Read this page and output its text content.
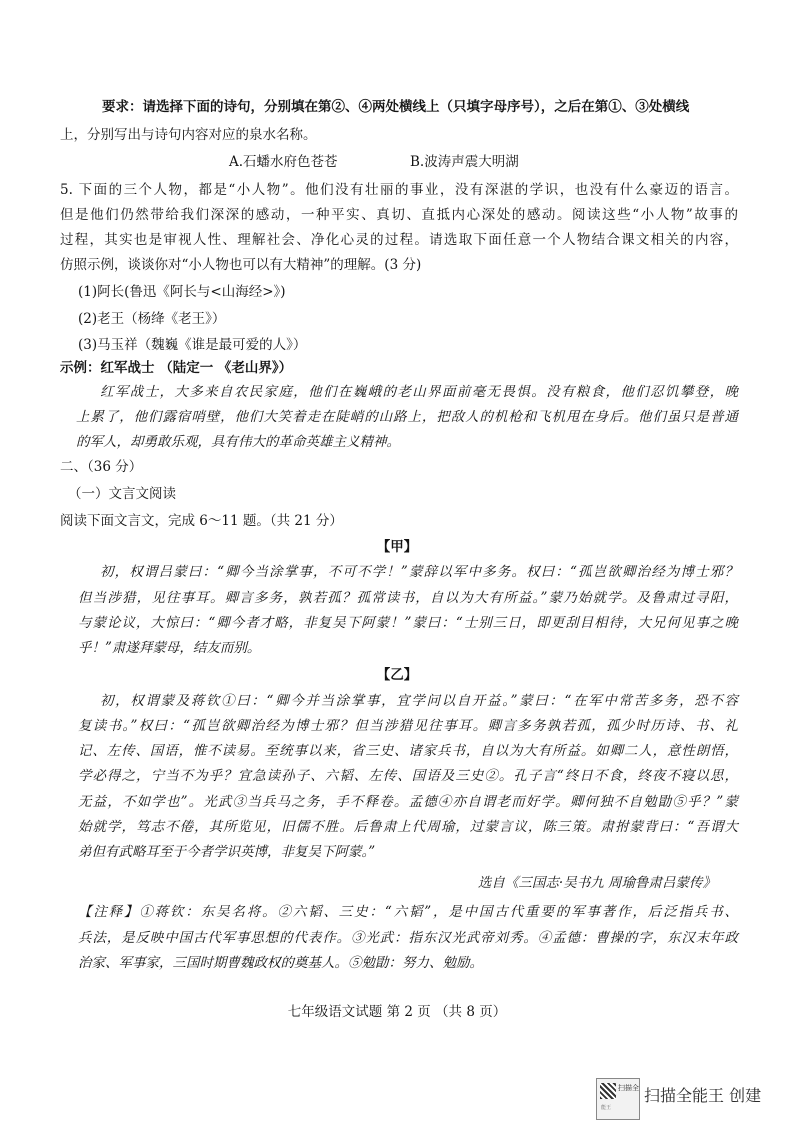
要求：请选择下面的诗句，分别填在第②、④两处横线上（只填字母序号），之后在第①、③处横线
上，分别写出与诗句内容对应的泉水名称。
A.石蟠水府色苍苍	B.波涛声震大明湖
5. 下面的三个人物，都是“小人物”。他们没有壮丽的事业，没有深湛的学识，也没有什么豪迈的语言。
但是他们仍然带给我们深深的感动，一种平实、真切、直抵内心深处的感动。阅读这些“小人物”故事的
过程，其实也是审视人性、理解社会、净化心灵的过程。请选取下面任意一个人物结合课文相关的内容，
仿照示例，谈谈你对“小人物也可以有大精神”的理解。(3 分)
(1)阿长(鲁迅《阿长与<山海经>》)
(2)老王（杨绛《老王》）
(3)马玉祥（魏巍《谁是最可爱的人》）
示例：红军战士 （陆定一 《老山界》）
红军战士，大多来自农民家庭，他们在巍峨的老山界面前毫无畏惧。没有粮食，他们忍饥攀登，晚
上累了，他们露宿哨壁，他们大笑着走在陡峭的山路上，把敌人的机枪和飞机甩在身后。他们虽只是普通
的军人，却勇敢乐观，具有伟大的革命英雄主义精神。
二、（36 分）
（一）文言文阅读
阅读下面文言文，完成 6～11 题。（共 21 分）
【甲】
初，权谓吕蒙曰：“卿今当涂掌事，不可不学！”蒙辞以军中多务。权曰：“孤岂欲卿治经为博士邪？
但当涉猎，见往事耳。卿言多务，孰若孤？孤常读书，自以为大有所益。”蒙乃始就学。及鲁肃过寻阳，
与蒙论议，大惊曰：“卿今者才略，非复吴下阿蒙！”蒙曰：“士别三日，即更刮目相待，大兄何见事之晚
乎！”肃遂拜蒙母，结友而别。
【乙】
初，权谓蒙及蒋钦①曰：“卿今并当涂掌事，宜学问以自开益。”蒙曰：“在军中常苦多务，恐不容
复读书。”权曰：“孤岂欲卿治经为博士邪？但当涉猎见往事耳。卿言多务孰若孤，孤少时历诗、书、礼
记、左传、国语，惟不读易。至统事以来，省三史、诸家兵书，自以为大有所益。如卿二人，意性朗悟，
学必得之，宁当不为乎？宜急读孙子、六韬、左传、国语及三史②。孔子言“终日不食，终夜不寝以思，
无益，不如学也”。光武③当兵马之务，手不释卷。孟德④亦自谓老而好学。卿何独不自勉勖⑤乎？”蒙
始就学，笃志不倦，其所览见，旧儒不胜。后鲁肃上代周瑜，过蒙言议，陈三策。肃拊蒙背曰：“吾谓大
弟但有武略耳至于今者学识英博，非复吴下阿蒙。”
选自《三国志·吴书九 周瑜鲁肃吕蒙传》
【注释】①蒋钦：东吴名将。②六韬、三史：“六韬”，是中国古代重要的军事著作，后泛指兵书、
兵法，是反映中国古代军事思想的代表作。③光武：指东汉光武帝刘秀。④孟德：曹操的字，东汉末年政
治家、军事家，三国时期曹魏政权的奠基人。⑤勉勖：努力、勉励。
七年级语文试题 第 2 页 （共 8 页）
扫描全
能王
扫描全能王 创建
